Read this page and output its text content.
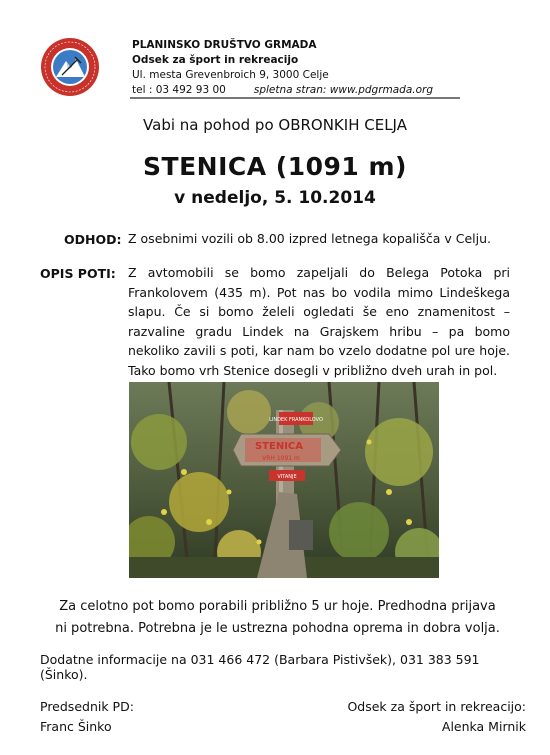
PLANINSKO DRUŠTVO GRMADA
Odsek za šport in rekreacijo
Ul. mesta Grevenbroich 9, 3000 Celje
tel : 03 492 93 00	spletna stran: www.pdgrmada.org
Vabi na pohod po OBRONKIH CELJA
STENICA (1091 m)
v nedeljo, 5. 10.2014
ODHOD: Z osebnimi vozili ob 8.00 izpred letnega kopališča v Celju.
OPIS POTI: Z avtomobili se bomo zapeljali do Belega Potoka pri Frankolovem (435 m). Pot nas bo vodila mimo Lindeškega slapu. Če si bomo želeli ogledati še eno znamenitost – razvaline gradu Lindek na Grajskem hribu – pa bomo nekoliko zavili s poti, kar nam bo vzelo dodatne pol ure hoje. Tako bomo vrh Stenice dosegli v približno dveh urah in pol.
LINDEK FRANKOLOVO
STENICA
VRH 1091 m
VITANJE
Za celotno pot bomo porabili približno 5 ur hoje. Predhodna prijava ni potrebna. Potrebna je le ustrezna pohodna oprema in dobra volja.
Dodatne informacije na 031 466 472 (Barbara Pistivšek), 031 383 591 (Šinko).
Predsednik PD:
Franc Šinko
Odsek za šport in rekreacijo:
Alenka Mirnik
